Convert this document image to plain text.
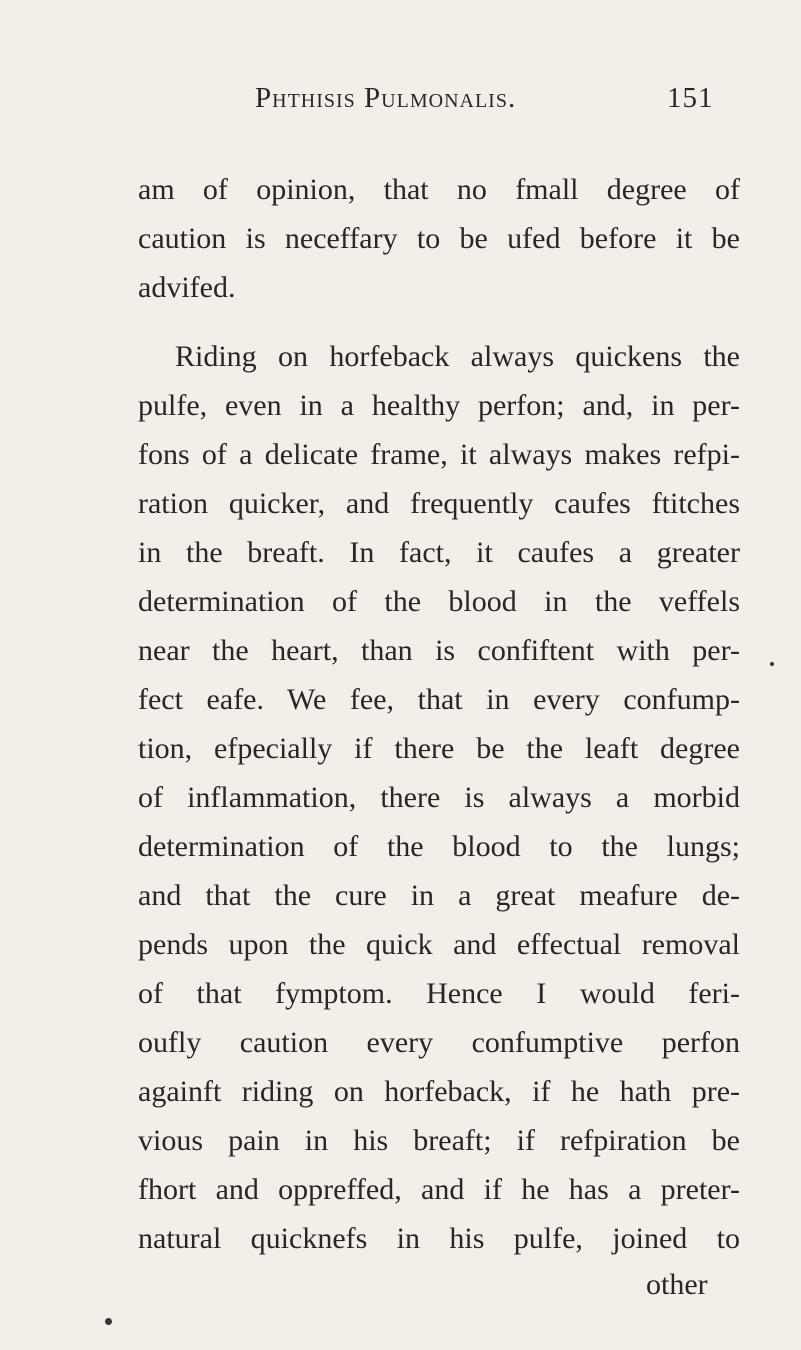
Phthisis Pulmonalis.	151
am of opinion, that no fmall degree of
caution is neceffary to be ufed before it be
advifed.
Riding on horfeback always quickens the
pulfe, even in a healthy perfon; and, in per-
fons of a delicate frame, it always makes refpi-
ration quicker, and frequently caufes ftitches
in the breaft. In fact, it caufes a greater
determination of the blood in the veffels
near the heart, than is confiftent with per-
fect eafe. We fee, that in every confump-
tion, efpecially if there be the leaft degree
of inflammation, there is always a morbid
determination of the blood to the lungs;
and that the cure in a great meafure de-
pends upon the quick and effectual removal
of that fymptom. Hence I would feri-
oufly caution every confumptive perfon
againft riding on horfeback, if he hath pre-
vious pain in his breaft; if refpiration be
fhort and oppreffed, and if he has a preter-
natural quicknefs in his pulfe, joined to
other
